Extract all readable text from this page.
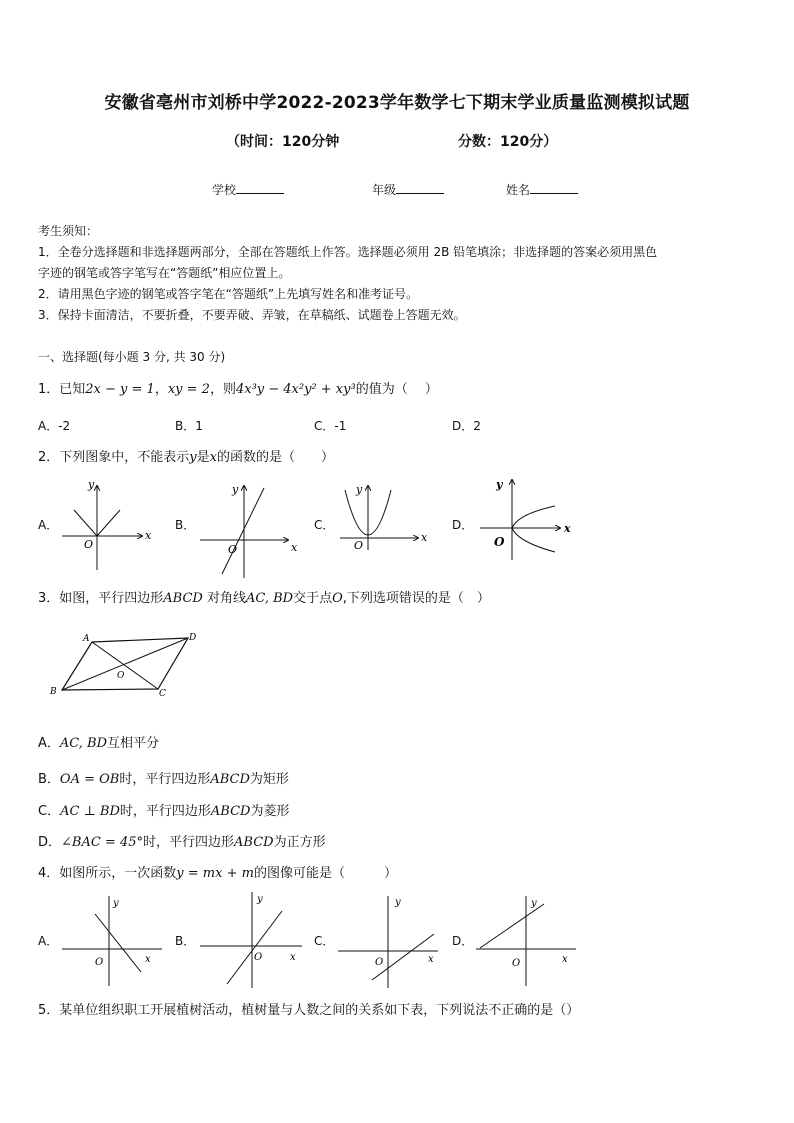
安徽省亳州市刘桥中学2022-2023学年数学七下期末学业质量监测模拟试题
（时间：120分钟	分数：120分）
学校	年级	姓名
考生须知：
1．全卷分选择题和非选择题两部分，全部在答题纸上作答。选择题必须用 2B 铅笔填涂；非选择题的答案必须用黑色
字迹的钢笔或答字笔写在“答题纸”相应位置上。
2．请用黑色字迹的钢笔或答字笔在“答题纸”上先填写姓名和准考证号。
3．保持卡面清洁，不要折叠，不要弄破、弄皱，在草稿纸、试题卷上答题无效。
一、选择题(每小题 3 分, 共 30 分)
1．已知2x − y = 1，xy = 2，则4x³y − 4x²y² + xy³的值为（　 ）
A．-2	B．1	C．-1	D．2
2．下列图象中，不能表示y是x的函数的是（　　）
A．	B．	C．	D．
x
y
O	x
y
O
x
y
O
x
y
O
A	D
B	C
O
x
y
O	x
y
O	x
y
O	x
y
O
3．如图，平行四边形ABCD 对角线AC, BD交于点O,下列选项错误的是（　）
A．AC, BD互相平分
B．OA = OB时，平行四边形ABCD为矩形
C．AC ⊥ BD时，平行四边形ABCD为菱形
D．∠BAC = 45°时，平行四边形ABCD为正方形
4．如图所示，一次函数y = mx + m的图像可能是（　　　）
A．	B．	C．	D．
5．某单位组织职工开展植树活动，植树量与人数之间的关系如下表，下列说法不正确的是（）
